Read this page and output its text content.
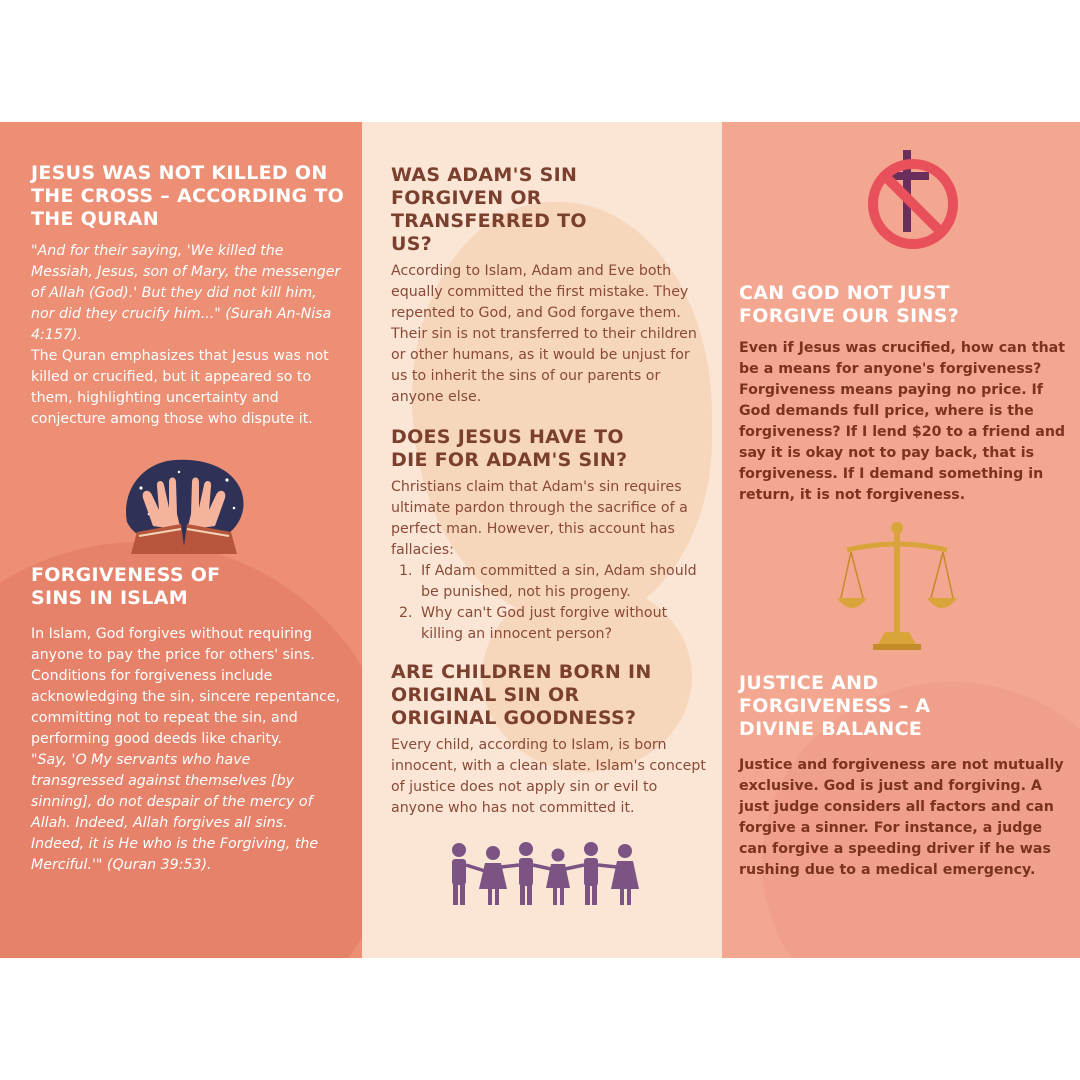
JESUS WAS NOT KILLED ON THE CROSS – ACCORDING TO THE QURAN

"And for their saying, 'We killed the Messiah, Jesus, son of Mary, the messenger of Allah (God).' But they did not kill him, nor did they crucify him..." (Surah An-Nisa 4:157).

The Quran emphasizes that Jesus was not killed or crucified, but it appeared so to them, highlighting uncertainty and conjecture among those who dispute it.

FORGIVENESS OF SINS IN ISLAM

In Islam, God forgives without requiring anyone to pay the price for others' sins. Conditions for forgiveness include acknowledging the sin, sincere repentance, committing not to repeat the sin, and performing good deeds like charity.

"Say, 'O My servants who have transgressed against themselves [by sinning], do not despair of the mercy of Allah. Indeed, Allah forgives all sins. Indeed, it is He who is the Forgiving, the Merciful.'" (Quran 39:53).

WAS ADAM'S SIN FORGIVEN OR TRANSFERRED TO US?

According to Islam, Adam and Eve both equally committed the first mistake. They repented to God, and God forgave them. Their sin is not transferred to their children or other humans, as it would be unjust for us to inherit the sins of our parents or anyone else.

DOES JESUS HAVE TO DIE FOR ADAM'S SIN?

Christians claim that Adam's sin requires ultimate pardon through the sacrifice of a perfect man. However, this account has fallacies:

1. If Adam committed a sin, Adam should be punished, not his progeny.
2. Why can't God just forgive without killing an innocent person?
ARE CHILDREN BORN IN ORIGINAL SIN OR ORIGINAL GOODNESS?

Every child, according to Islam, is born innocent, with a clean slate. Islam's concept of justice does not apply sin or evil to anyone who has not committed it.

CAN GOD NOT JUST FORGIVE OUR SINS?

Even if Jesus was crucified, how can that be a means for anyone's forgiveness? Forgiveness means paying no price. If God demands full price, where is the forgiveness? If I lend $20 to a friend and say it is okay not to pay back, that is forgiveness. If I demand something in return, it is not forgiveness.

JUSTICE AND FORGIVENESS – A DIVINE BALANCE

Justice and forgiveness are not mutually exclusive. God is just and forgiving. A just judge considers all factors and can forgive a sinner. For instance, a judge can forgive a speeding driver if he was rushing due to a medical emergency.
